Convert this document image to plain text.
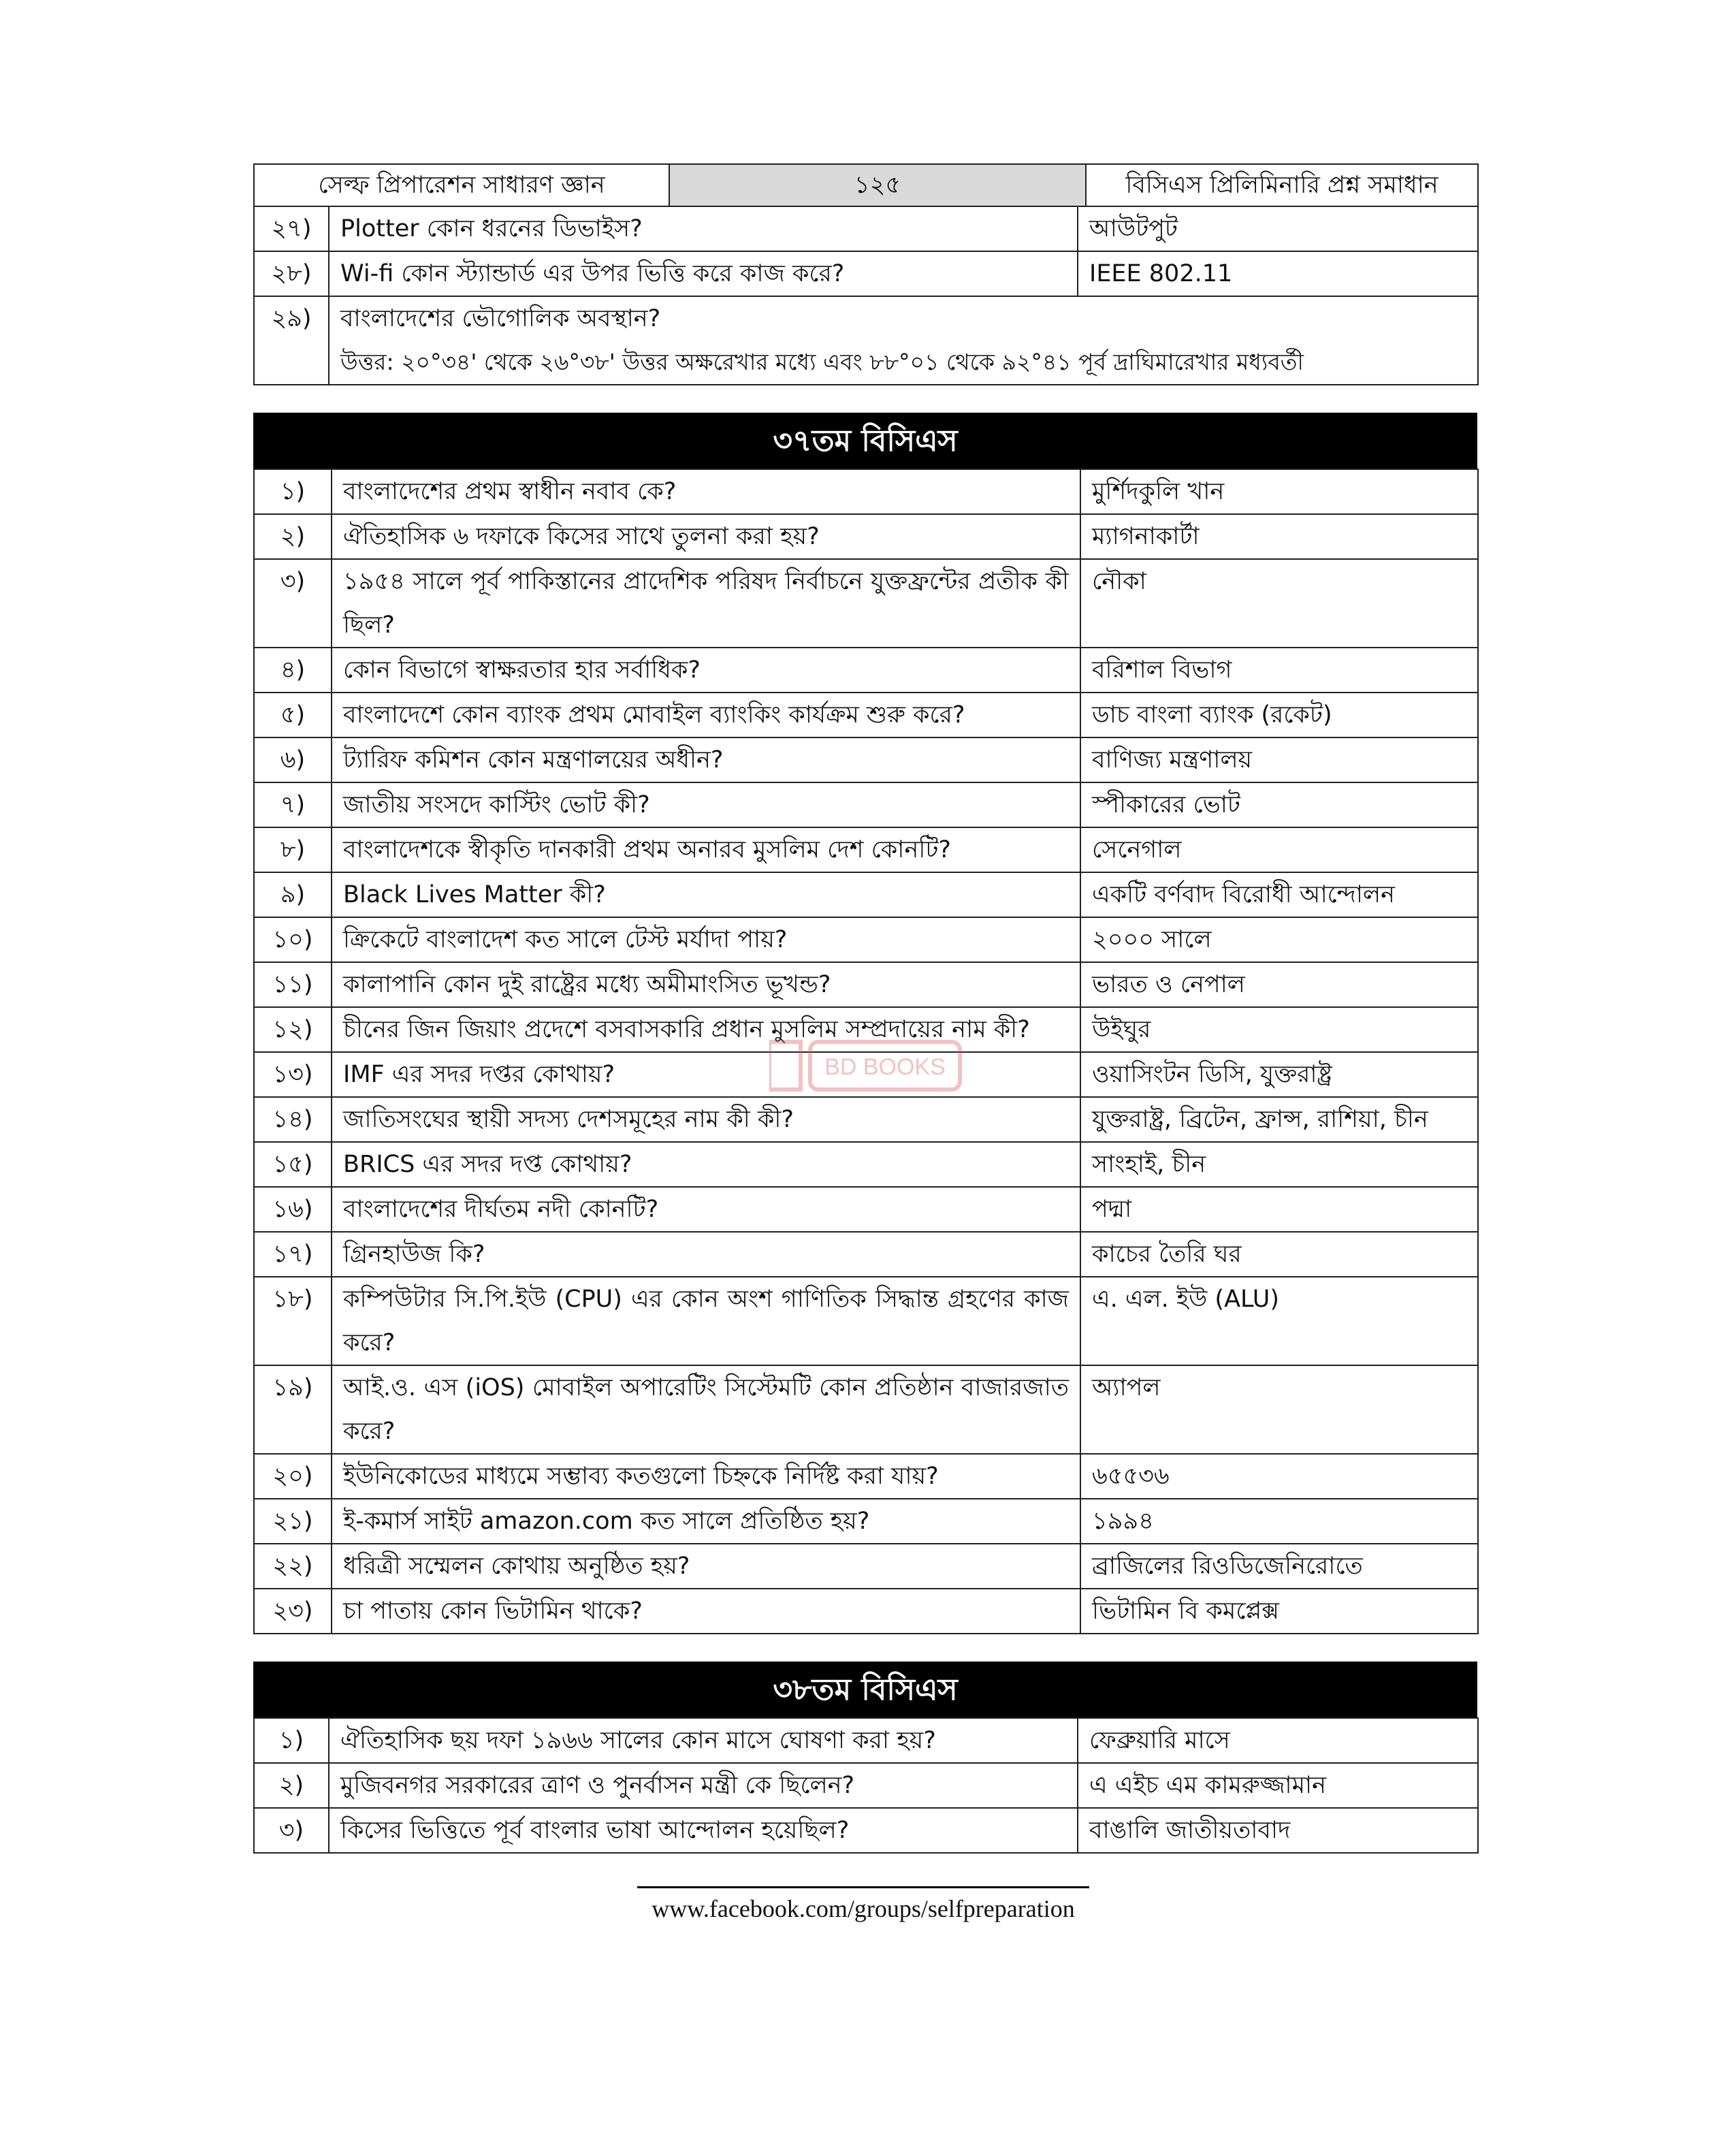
সেল্ফ প্রিপারেশন সাধারণ জ্ঞান	১২৫	বিসিএস প্রিলিমিনারি প্রশ্ন সমাধান
২৭)	Plotter কোন ধরনের ডিভাইস?	আউটপুট
২৮)	Wi-fi কোন স্ট্যান্ডার্ড এর উপর ভিত্তি করে কাজ করে?	IEEE 802.11
২৯)	বাংলাদেশের ভৌগোলিক অবস্থান?
উত্তর: ২০°৩৪' থেকে ২৬°৩৮' উত্তর অক্ষরেখার মধ্যে এবং ৮৮°০১ থেকে ৯২°৪১ পূর্ব দ্রাঘিমারেখার মধ্যবর্তী	
৩৭তম বিসিএস
১)	বাংলাদেশের প্রথম স্বাধীন নবাব কে?	মুর্শিদকুলি খান
২)	ঐতিহাসিক ৬ দফাকে কিসের সাথে তুলনা করা হয়?	ম্যাগনাকার্টা
৩)	১৯৫৪ সালে পূর্ব পাকিস্তানের প্রাদেশিক পরিষদ নির্বাচনে যুক্তফ্রন্টের প্রতীক কী ছিল?	নৌকা
৪)	কোন বিভাগে স্বাক্ষরতার হার সর্বাধিক?	বরিশাল বিভাগ
৫)	বাংলাদেশে কোন ব্যাংক প্রথম মোবাইল ব্যাংকিং কার্যক্রম শুরু করে?	ডাচ বাংলা ব্যাংক (রকেট)
৬)	ট্যারিফ কমিশন কোন মন্ত্রণালয়ের অধীন?	বাণিজ্য মন্ত্রণালয়
৭)	জাতীয় সংসদে কাস্টিং ভোট কী?	স্পীকারের ভোট
৮)	বাংলাদেশকে স্বীকৃতি দানকারী প্রথম অনারব মুসলিম দেশ কোনটি?	সেনেগাল
৯)	Black Lives Matter কী?	একটি বর্ণবাদ বিরোধী আন্দোলন
১০)	ক্রিকেটে বাংলাদেশ কত সালে টেস্ট মর্যাদা পায়?	২০০০ সালে
১১)	কালাপানি কোন দুই রাষ্ট্রের মধ্যে অমীমাংসিত ভূখন্ড?	ভারত ও নেপাল
১২)	চীনের জিন জিয়াং প্রদেশে বসবাসকারি প্রধান মুসলিম সম্প্রদায়ের নাম কী?	উইঘুর
১৩)	IMF এর সদর দপ্তর কোথায়?	ওয়াসিংটন ডিসি, যুক্তরাষ্ট্র
১৪)	জাতিসংঘের স্থায়ী সদস্য দেশসমূহের নাম কী কী?	যুক্তরাষ্ট্র, ব্রিটেন, ফ্রান্স, রাশিয়া, চীন
১৫)	BRICS এর সদর দপ্ত কোথায়?	সাংহাই, চীন
১৬)	বাংলাদেশের দীর্ঘতম নদী কোনটি?	পদ্মা
১৭)	গ্রিনহাউজ কি?	কাচের তৈরি ঘর
১৮)	কম্পিউটার সি.পি.ইউ (CPU) এর কোন অংশ গাণিতিক সিদ্ধান্ত গ্রহণের কাজ করে?	এ. এল. ইউ (ALU)
১৯)	আই.ও. এস (iOS) মোবাইল অপারেটিং সিস্টেমটি কোন প্রতিষ্ঠান বাজারজাত করে?	অ্যাপল
২০)	ইউনিকোডের মাধ্যমে সম্ভাব্য কতগুলো চিহ্নকে নির্দিষ্ট করা যায়?	৬৫৫৩৬
২১)	ই-কমার্স সাইট amazon.com কত সালে প্রতিষ্ঠিত হয়?	১৯৯৪
২২)	ধরিত্রী সম্মেলন কোথায় অনুষ্ঠিত হয়?	ব্রাজিলের রিওডিজেনিরোতে
২৩)	চা পাতায় কোন ভিটামিন থাকে?	ভিটামিন বি কমপ্লেক্স
৩৮তম বিসিএস
১)	ঐতিহাসিক ছয় দফা ১৯৬৬ সালের কোন মাসে ঘোষণা করা হয়?	ফেব্রুয়ারি মাসে
২)	মুজিবনগর সরকারের ত্রাণ ও পুনর্বাসন মন্ত্রী কে ছিলেন?	এ এইচ এম কামরুজ্জামান
৩)	কিসের ভিত্তিতে পূর্ব বাংলার ভাষা আন্দোলন হয়েছিল?	বাঙালি জাতীয়তাবাদ
BD BOOKS
www.facebook.com/groups/selfpreparation
